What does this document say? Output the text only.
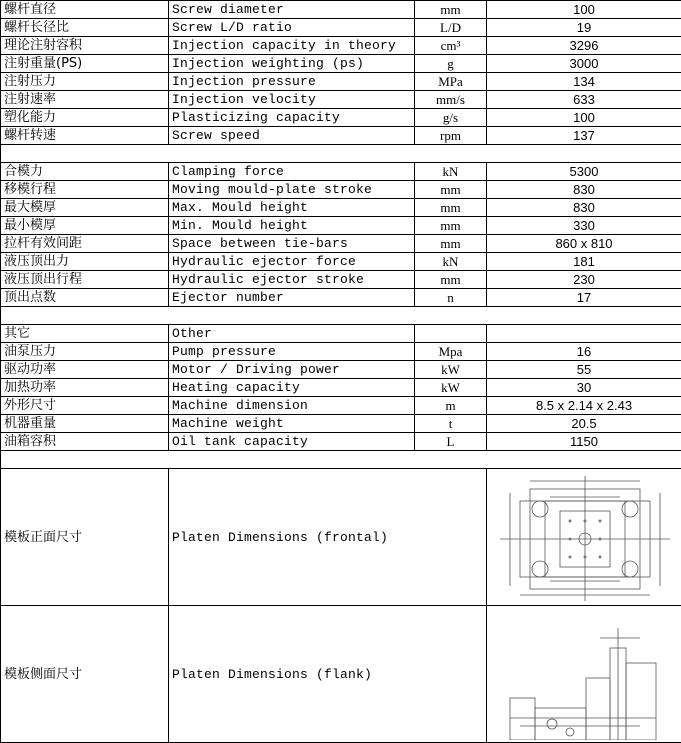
螺杆直径	Screw diameter	mm	100
螺杆长径比	Screw L/D ratio	L/D	19
理论注射容积	Injection capacity in theory	cm³	3296
注射重量(PS)	Injection weighting (ps)	g	3000
注射压力	Injection pressure	MPa	134
注射速率	Injection velocity	mm/s	633
塑化能力	Plasticizing capacity	g/s	100
螺杆转速	Screw speed	rpm	137

合模力	Clamping force	kN	5300
移模行程	Moving mould-plate stroke	mm	830
最大模厚	Max. Mould height	mm	830
最小模厚	Min. Mould height	mm	330
拉杆有效间距	Space between tie-bars	mm	860 x 810
液压顶出力	Hydraulic ejector force	kN	181
液压顶出行程	Hydraulic ejector stroke	mm	230
顶出点数	Ejector number	n	17

其它	Other		
油泵压力	Pump pressure	Mpa	16
驱动功率	Motor / Driving power	kW	55
加热功率	Heating capacity	kW	30
外形尺寸	Machine dimension	m	8.5 x 2.14 x 2.43
机器重量	Machine weight	t	20.5
油箱容积	Oil tank capacity	L	1150

模板正面尺寸	Platen Dimensions (frontal)	

模板侧面尺寸	Platen Dimensions (flank)	
